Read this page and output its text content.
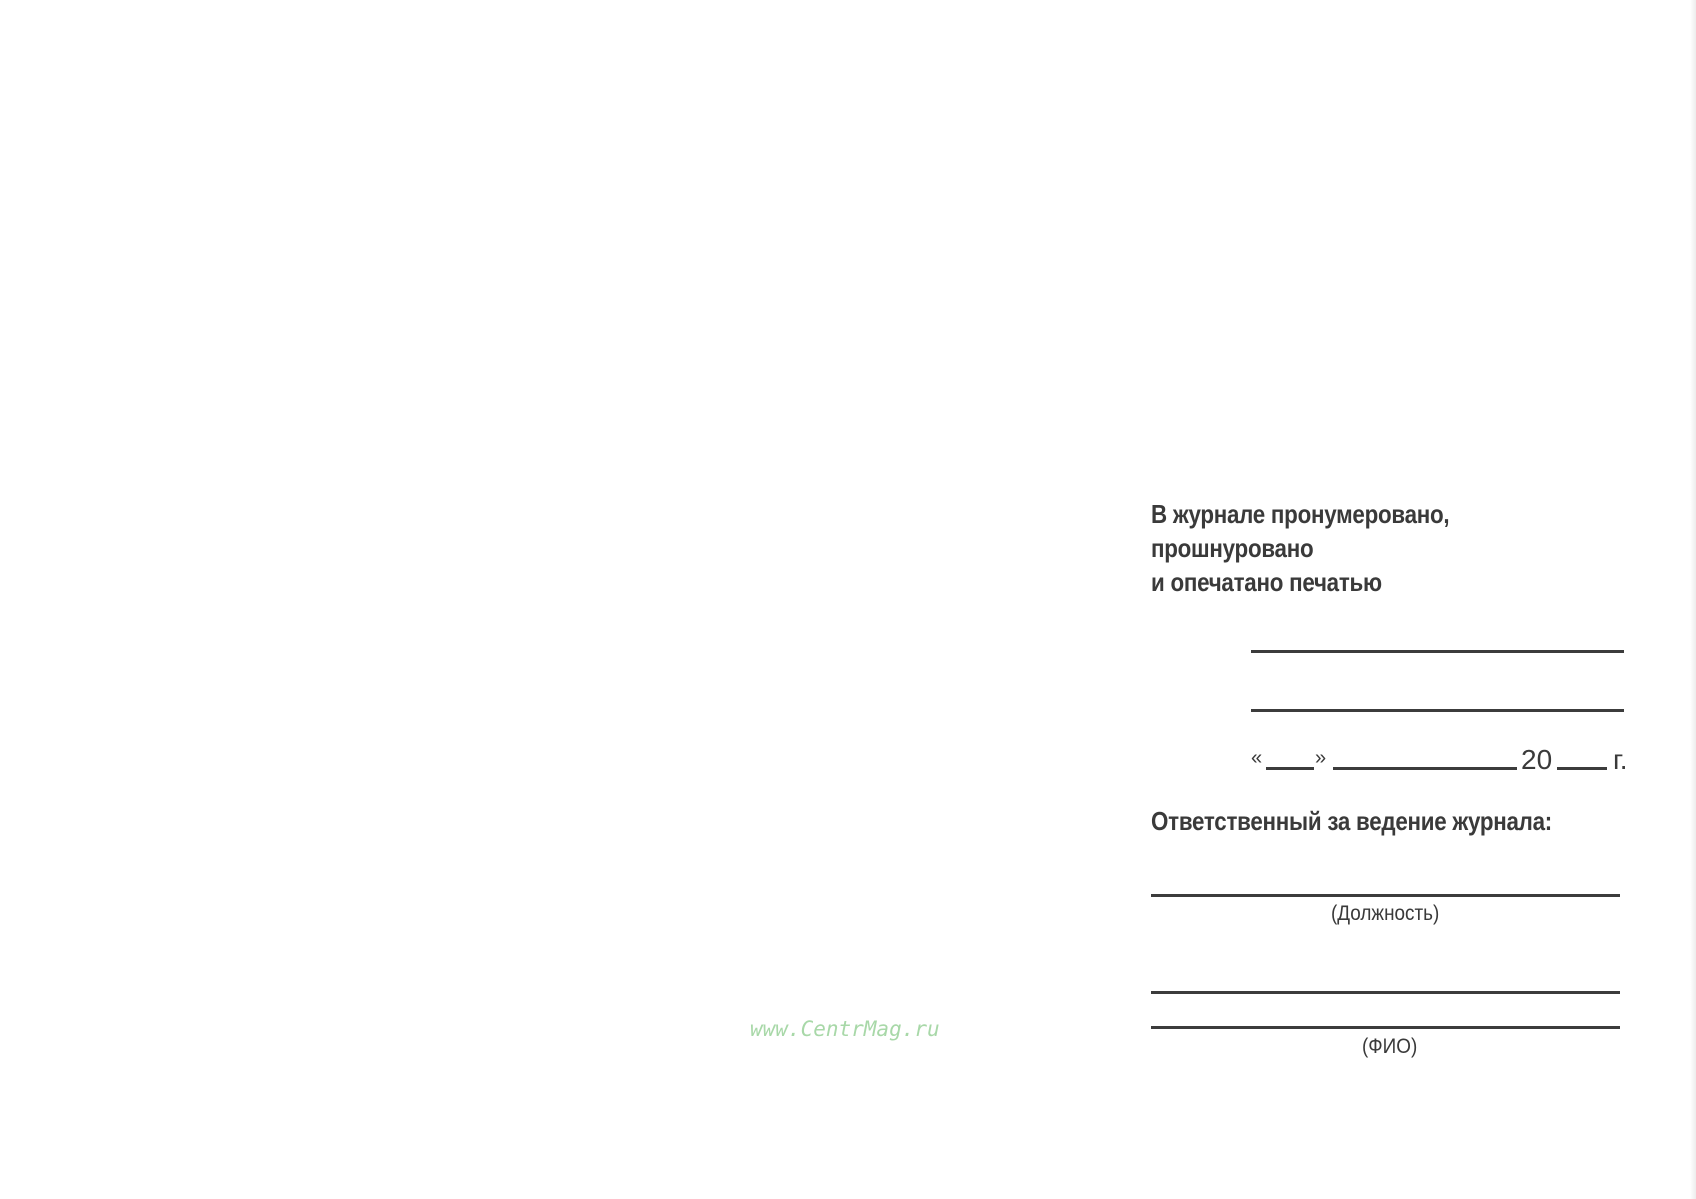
В журнале пронумеровано,
прошнуровано
и опечатано печатью
«	»	20 г.
Ответственный за ведение журнала:
(Должность)
(ФИО)
www.CentrMag.ru
